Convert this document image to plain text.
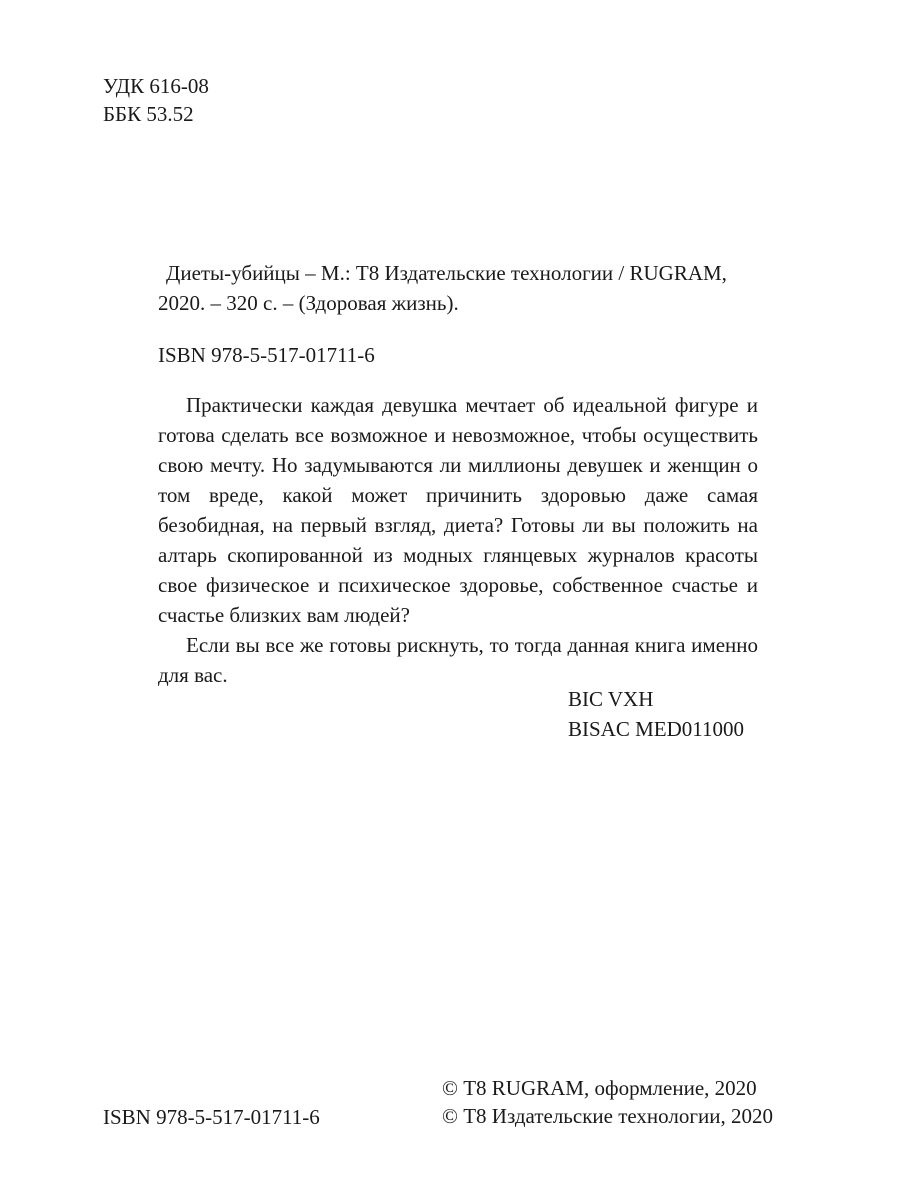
УДК 616-08
ББК 53.52
Диеты-убийцы – М.: Т8 Издательские технологии / RUGRAM, 2020. – 320 с. – (Здоровая жизнь).
ISBN 978-5-517-01711-6

Практически каждая девушка мечтает об идеальной фигуре и готова сделать все возможное и невозможное, чтобы осуществить свою мечту. Но задумываются ли миллионы девушек и женщин о том вреде, какой может причинить здоровью даже самая безобидная, на первый взгляд, диета? Готовы ли вы положить на алтарь скопированной из модных глянцевых журналов красоты свое физическое и психическое здоровье, собственное счастье и счастье близких вам людей?

Если вы все же готовы рискнуть, то тогда данная книга именно для вас.

BIC VXH
BISAC MED011000
ISBN 978-5-517-01711-6
© Т8 RUGRAM, оформление, 2020
© Т8 Издательские технологии, 2020
